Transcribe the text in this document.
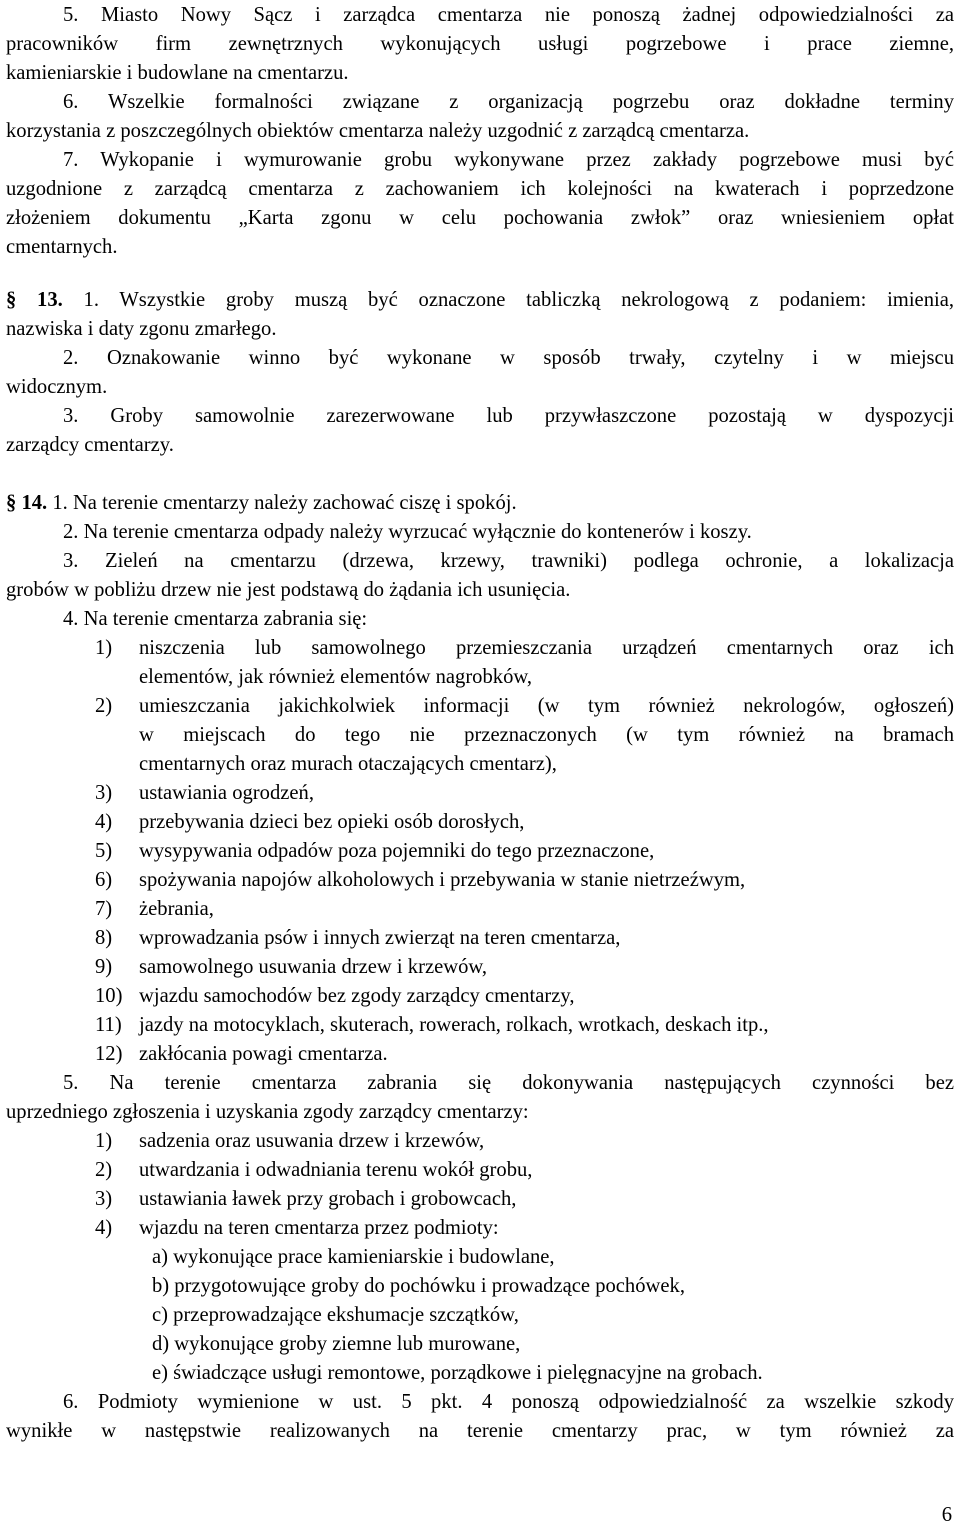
5. Miasto Nowy Sącz i zarządca cmentarza nie ponoszą żadnej odpowiedzialności za
pracowników firm zewnętrznych wykonujących usługi pogrzebowe i prace ziemne,
kamieniarskie i budowlane na cmentarzu.
6. Wszelkie formalności związane z organizacją pogrzebu oraz dokładne terminy
korzystania z poszczególnych obiektów cmentarza należy uzgodnić z zarządcą cmentarza.
7. Wykopanie i wymurowanie grobu wykonywane przez zakłady pogrzebowe musi być
uzgodnione z zarządcą cmentarza z zachowaniem ich kolejności na kwaterach i poprzedzone
złożeniem dokumentu „Karta zgonu w celu pochowania zwłok” oraz wniesieniem opłat
cmentarnych.
§ 13. 1. Wszystkie groby muszą być oznaczone tabliczką nekrologową z podaniem: imienia,
nazwiska i daty zgonu zmarłego.
2. Oznakowanie winno być wykonane w sposób trwały, czytelny i w miejscu
widocznym.
3. Groby samowolnie zarezerwowane lub przywłaszczone pozostają w dyspozycji
zarządcy cmentarzy.
§ 14. 1. Na terenie cmentarzy należy zachować ciszę i spokój.
2. Na terenie cmentarza odpady należy wyrzucać wyłącznie do kontenerów i koszy.
3. Zieleń na cmentarzu (drzewa, krzewy, trawniki) podlega ochronie, a lokalizacja
grobów w pobliżu drzew nie jest podstawą do żądania ich usunięcia.
4. Na terenie cmentarza zabrania się:
1) niszczenia lub samowolnego przemieszczania urządzeń cmentarnych oraz ich
elementów, jak również elementów nagrobków,
2) umieszczania jakichkolwiek informacji (w tym również nekrologów, ogłoszeń)
w miejscach do tego nie przeznaczonych (w tym również na bramach
cmentarnych oraz murach otaczających cmentarz),
3) ustawiania ogrodzeń,
4) przebywania dzieci bez opieki osób dorosłych,
5) wysypywania odpadów poza pojemniki do tego przeznaczone,
6) spożywania napojów alkoholowych i przebywania w stanie nietrzeźwym,
7) żebrania,
8) wprowadzania psów i innych zwierząt na teren cmentarza,
9) samowolnego usuwania drzew i krzewów,
10) wjazdu samochodów bez zgody zarządcy cmentarzy,
11) jazdy na motocyklach, skuterach, rowerach, rolkach, wrotkach, deskach itp.,
12) zakłócania powagi cmentarza.
5. Na terenie cmentarza zabrania się dokonywania następujących czynności bez
uprzedniego zgłoszenia i uzyskania zgody zarządcy cmentarzy:
1) sadzenia oraz usuwania drzew i krzewów,
2) utwardzania i odwadniania terenu wokół grobu,
3) ustawiania ławek przy grobach i grobowcach,
4) wjazdu na teren cmentarza przez podmioty:
a) wykonujące prace kamieniarskie i budowlane,
b) przygotowujące groby do pochówku i prowadzące pochówek,
c) przeprowadzające ekshumacje szczątków,
d) wykonujące groby ziemne lub murowane,
e) świadczące usługi remontowe, porządkowe i pielęgnacyjne na grobach.
6. Podmioty wymienione w ust. 5 pkt. 4 ponoszą odpowiedzialność za wszelkie szkody
wynikłe w następstwie realizowanych na terenie cmentarzy prac, w tym również za
6
